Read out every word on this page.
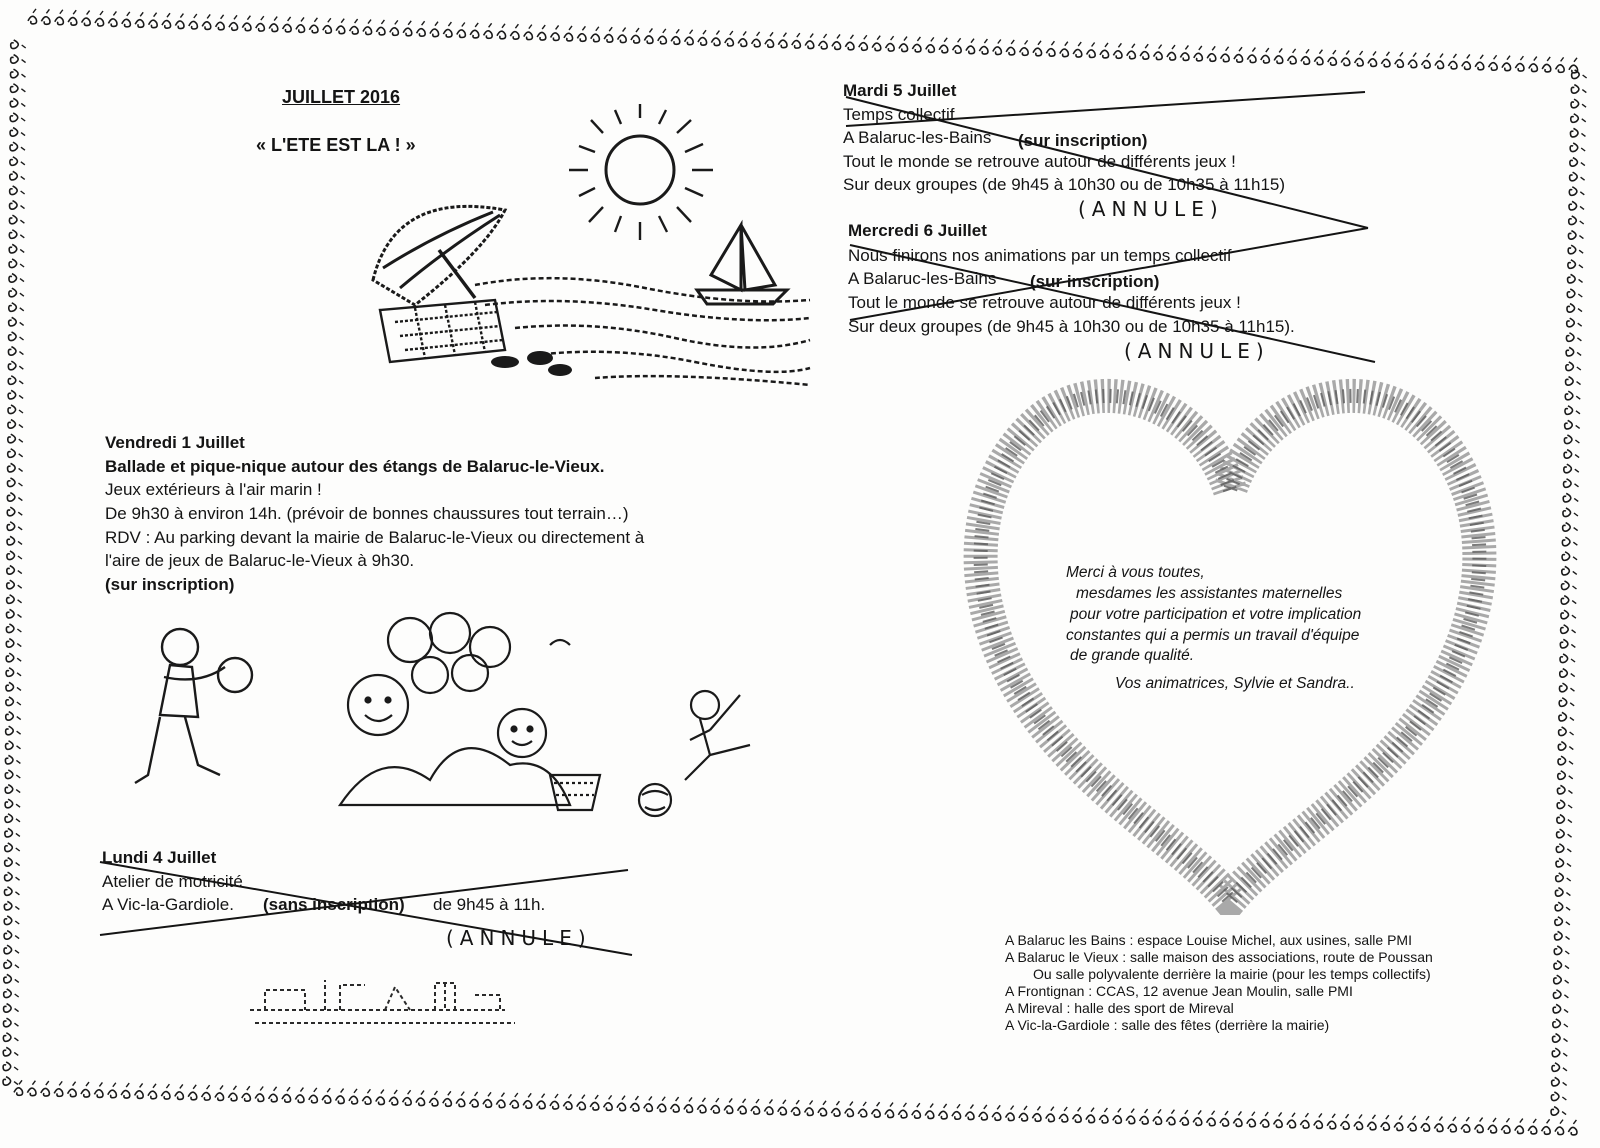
JUILLET 2016
« L'ETE EST LA ! »
Vendredi 1 Juillet
Ballade et pique-nique autour des étangs de Balaruc-le-Vieux.
Jeux extérieurs à l'air marin !
De 9h30 à environ 14h. (prévoir de bonnes chaussures tout terrain…)
RDV : Au parking devant la mairie de Balaruc-le-Vieux ou directement à
l'aire de jeux de Balaruc-le-Vieux à 9h30.
(sur inscription)
Lundi 4 Juillet
Atelier de motricité
A Vic-la-Gardiole. (sans inscription) de 9h45 à 11h.
(ANNULE)
Mardi 5 Juillet
Temps collectif
A Balaruc-les-Bains (sur inscription)
Tout le monde se retrouve autour de différents jeux !
Sur deux groupes (de 9h45 à 10h30 ou de 10h35 à 11h15)
(ANNULE)
Mercredi 6 Juillet
Nous finirons nos animations par un temps collectif
A Balaruc-les-Bains (sur inscription)
Tout le monde se retrouve autour de différents jeux !
Sur deux groupes (de 9h45 à 10h30 ou de 10h35 à 11h15).
(ANNULE)
Merci à vous toutes,
mesdames les assistantes maternelles
pour votre participation et votre implication
constantes qui a permis un travail d'équipe
de grande qualité.
Vos animatrices, Sylvie et Sandra..
A Balaruc les Bains : espace Louise Michel, aux usines, salle PMI
A Balaruc le Vieux : salle maison des associations, route de Poussan
Ou salle polyvalente derrière la mairie (pour les temps collectifs)
A Frontignan : CCAS, 12 avenue Jean Moulin, salle PMI
A Mireval : halle des sport de Mireval
A Vic-la-Gardiole : salle des fêtes (derrière la mairie)
